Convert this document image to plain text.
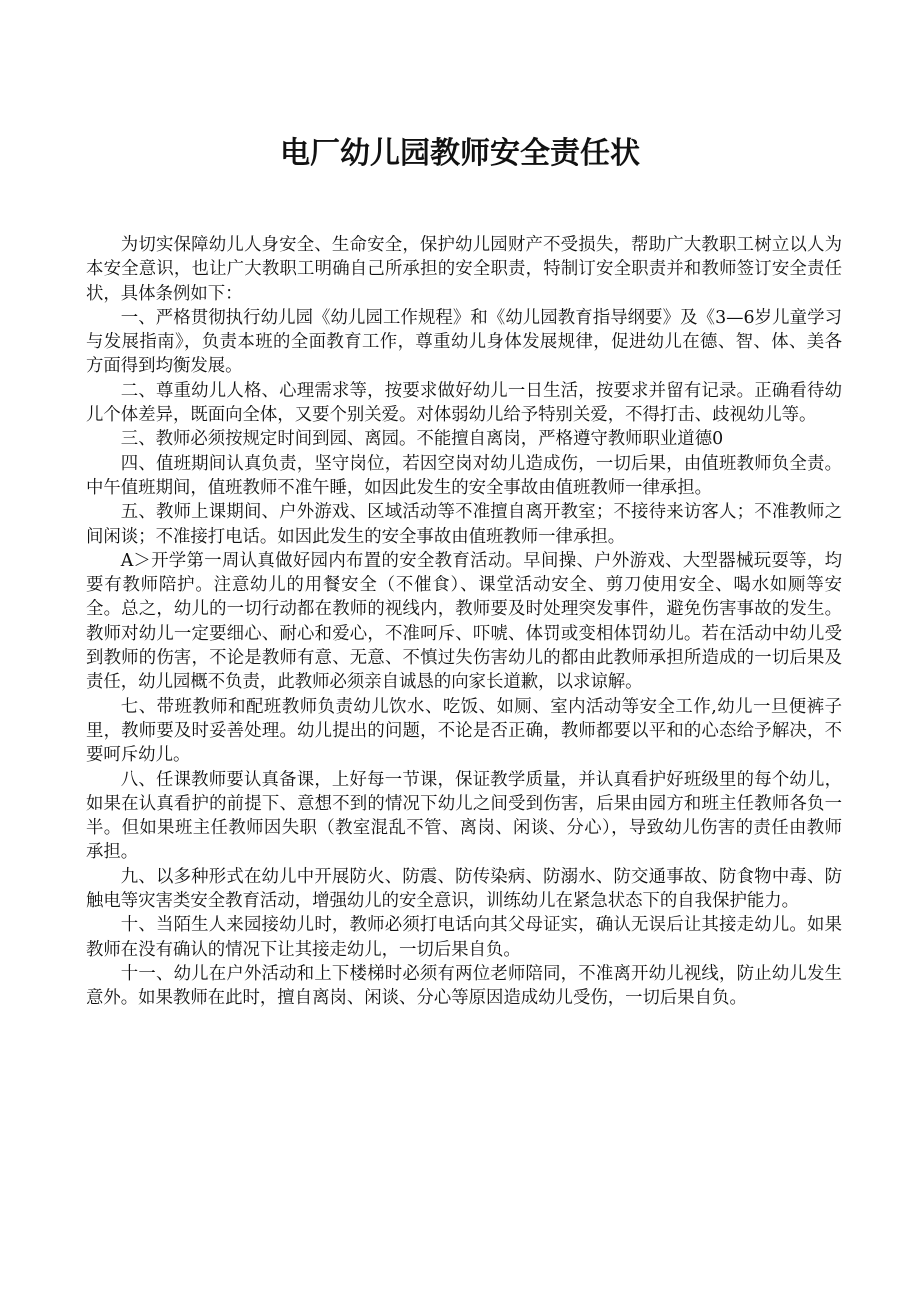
电厂幼儿园教师安全责任状

为切实保障幼儿人身安全、生命安全，保护幼儿园财产不受损失，帮助广大教职工树立以人为本安全意识，也让广大教职工明确自己所承担的安全职责，特制订安全职责并和教师签订安全责任状，具体条例如下：

一、严格贯彻执行幼儿园《幼儿园工作规程》和《幼儿园教育指导纲要》及《3—6岁儿童学习与发展指南》，负责本班的全面教育工作，尊重幼儿身体发展规律，促进幼儿在德、智、体、美各方面得到均衡发展。

二、尊重幼儿人格、心理需求等，按要求做好幼儿一日生活，按要求并留有记录。正确看待幼儿个体差异，既面向全体，又要个别关爱。对体弱幼儿给予特别关爱，不得打击、歧视幼儿等。

三、教师必须按规定时间到园、离园。不能擅自离岗，严格遵守教师职业道德0

四、值班期间认真负责，坚守岗位，若因空岗对幼儿造成伤，一切后果，由值班教师负全责。中午值班期间，值班教师不准午睡，如因此发生的安全事故由值班教师一律承担。

五、教师上课期间、户外游戏、区域活动等不准擅自离开教室；不接待来访客人；不准教师之间闲谈；不准接打电话。如因此发生的安全事故由值班教师一律承担。

A＞开学第一周认真做好园内布置的安全教育活动。早间操、户外游戏、大型器械玩耍等，均要有教师陪护。注意幼儿的用餐安全（不催食）、课堂活动安全、剪刀使用安全、喝水如厕等安全。总之，幼儿的一切行动都在教师的视线内，教师要及时处理突发事件，避免伤害事故的发生。教师对幼儿一定要细心、耐心和爱心，不准呵斥、吓唬、体罚或变相体罚幼儿。若在活动中幼儿受到教师的伤害，不论是教师有意、无意、不慎过失伤害幼儿的都由此教师承担所造成的一切后果及责任，幼儿园概不负责，此教师必须亲自诚恳的向家长道歉，以求谅解。

七、带班教师和配班教师负责幼儿饮水、吃饭、如厕、室内活动等安全工作,幼儿一旦便裤子里，教师要及时妥善处理。幼儿提出的问题，不论是否正确，教师都要以平和的心态给予解决，不要呵斥幼儿。

八、任课教师要认真备课，上好每一节课，保证教学质量，并认真看护好班级里的每个幼儿，如果在认真看护的前提下、意想不到的情况下幼儿之间受到伤害，后果由园方和班主任教师各负一半。但如果班主任教师因失职（教室混乱不管、离岗、闲谈、分心），导致幼儿伤害的责任由教师承担。

九、以多种形式在幼儿中开展防火、防震、防传染病、防溺水、防交通事故、防食物中毒、防触电等灾害类安全教育活动，增强幼儿的安全意识，训练幼儿在紧急状态下的自我保护能力。

十、当陌生人来园接幼儿时，教师必须打电话向其父母证实，确认无误后让其接走幼儿。如果教师在没有确认的情况下让其接走幼儿，一切后果自负。

十一、幼儿在户外活动和上下楼梯时必须有两位老师陪同，不准离开幼儿视线，防止幼儿发生意外。如果教师在此时，擅自离岗、闲谈、分心等原因造成幼儿受伤，一切后果自负。
